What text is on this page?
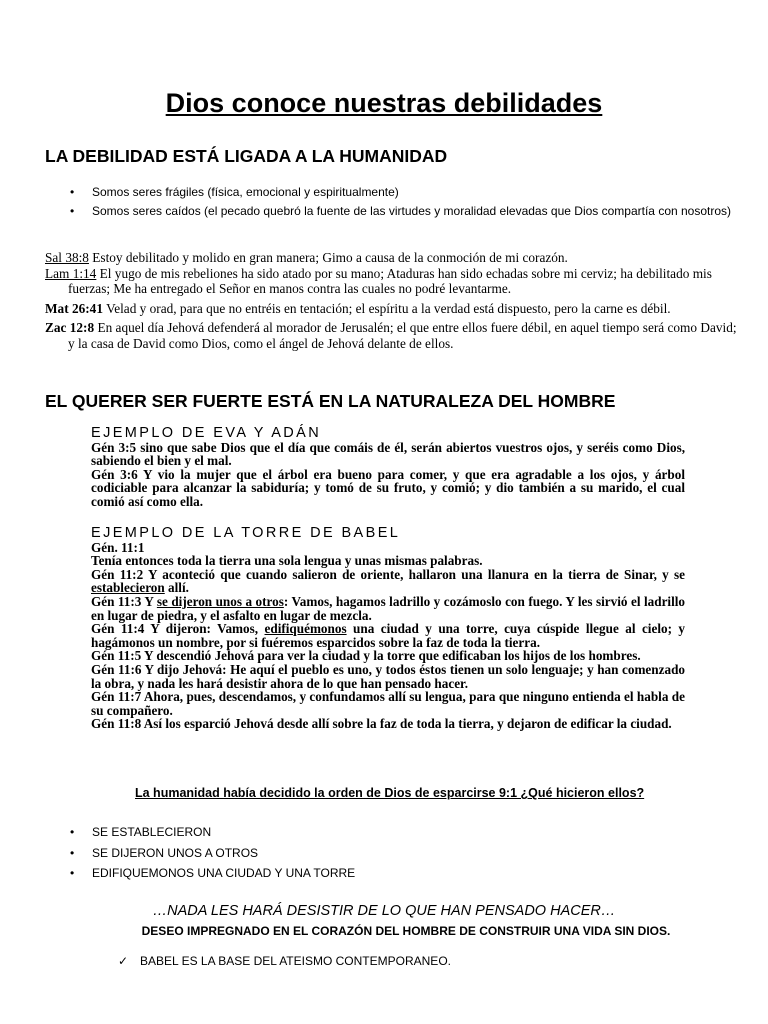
Dios conoce nuestras debilidades
LA DEBILIDAD ESTÁ LIGADA A LA HUMANIDAD
• Somos seres frágiles (física, emocional y espiritualmente)
• Somos seres caídos (el pecado quebró la fuente de las virtudes y moralidad elevadas que Dios compartía con nosotros)

Sal 38:8 Estoy debilitado y molido en gran manera; Gimo a causa de la conmoción de mi corazón.

Lam 1:14 El yugo de mis rebeliones ha sido atado por su mano; Ataduras han sido echadas sobre mi cerviz; ha debilitado mis fuerzas; Me ha entregado el Señor en manos contra las cuales no podré levantarme.

Mat 26:41 Velad y orad, para que no entréis en tentación; el espíritu a la verdad está dispuesto, pero la carne es débil.

Zac 12:8 En aquel día Jehová defenderá al morador de Jerusalén; el que entre ellos fuere débil, en aquel tiempo será como David; y la casa de David como Dios, como el ángel de Jehová delante de ellos.

EL QUERER SER FUERTE ESTÁ EN LA NATURALEZA DEL HOMBRE

EJEMPLO DE EVA Y ADÁN

Gén 3:5 sino que sabe Dios que el día que comáis de él, serán abiertos vuestros ojos, y seréis como Dios, sabiendo el bien y el mal.

Gén 3:6 Y vio la mujer que el árbol era bueno para comer, y que era agradable a los ojos, y árbol codiciable para alcanzar la sabiduría; y tomó de su fruto, y comió; y dio también a su marido, el cual comió así como ella.

EJEMPLO DE LA TORRE DE BABEL

Gén. 11:1
Tenía entonces toda la tierra una sola lengua y unas mismas palabras.

Gén 11:2 Y aconteció que cuando salieron de oriente, hallaron una llanura en la tierra de Sinar, y se establecieron allí.

Gén 11:3 Y se dijeron unos a otros: Vamos, hagamos ladrillo y cozámoslo con fuego. Y les sirvió el ladrillo en lugar de piedra, y el asfalto en lugar de mezcla.

Gén 11:4 Y dijeron: Vamos, edifiquémonos una ciudad y una torre, cuya cúspide llegue al cielo; y hagámonos un nombre, por si fuéremos esparcidos sobre la faz de toda la tierra.

Gén 11:5 Y descendió Jehová para ver la ciudad y la torre que edificaban los hijos de los hombres.

Gén 11:6 Y dijo Jehová: He aquí el pueblo es uno, y todos éstos tienen un solo lenguaje; y han comenzado la obra, y nada les hará desistir ahora de lo que han pensado hacer.

Gén 11:7 Ahora, pues, descendamos, y confundamos allí su lengua, para que ninguno entienda el habla de su compañero.

Gén 11:8 Así los esparció Jehová desde allí sobre la faz de toda la tierra, y dejaron de edificar la ciudad.

La humanidad había decidido la orden de Dios de esparcirse 9:1 ¿Qué hicieron ellos?

• SE ESTABLECIERON
• SE DIJERON UNOS A OTROS
• EDIFIQUEMONOS UNA CIUDAD Y UNA TORRE

…NADA LES HARÁ DESISTIR DE LO QUE HAN PENSADO HACER…

DESEO IMPREGNADO EN EL CORAZÓN DEL HOMBRE DE CONSTRUIR UNA VIDA SIN DIOS.

✓ BABEL ES LA BASE DEL ATEISMO CONTEMPORANEO.
